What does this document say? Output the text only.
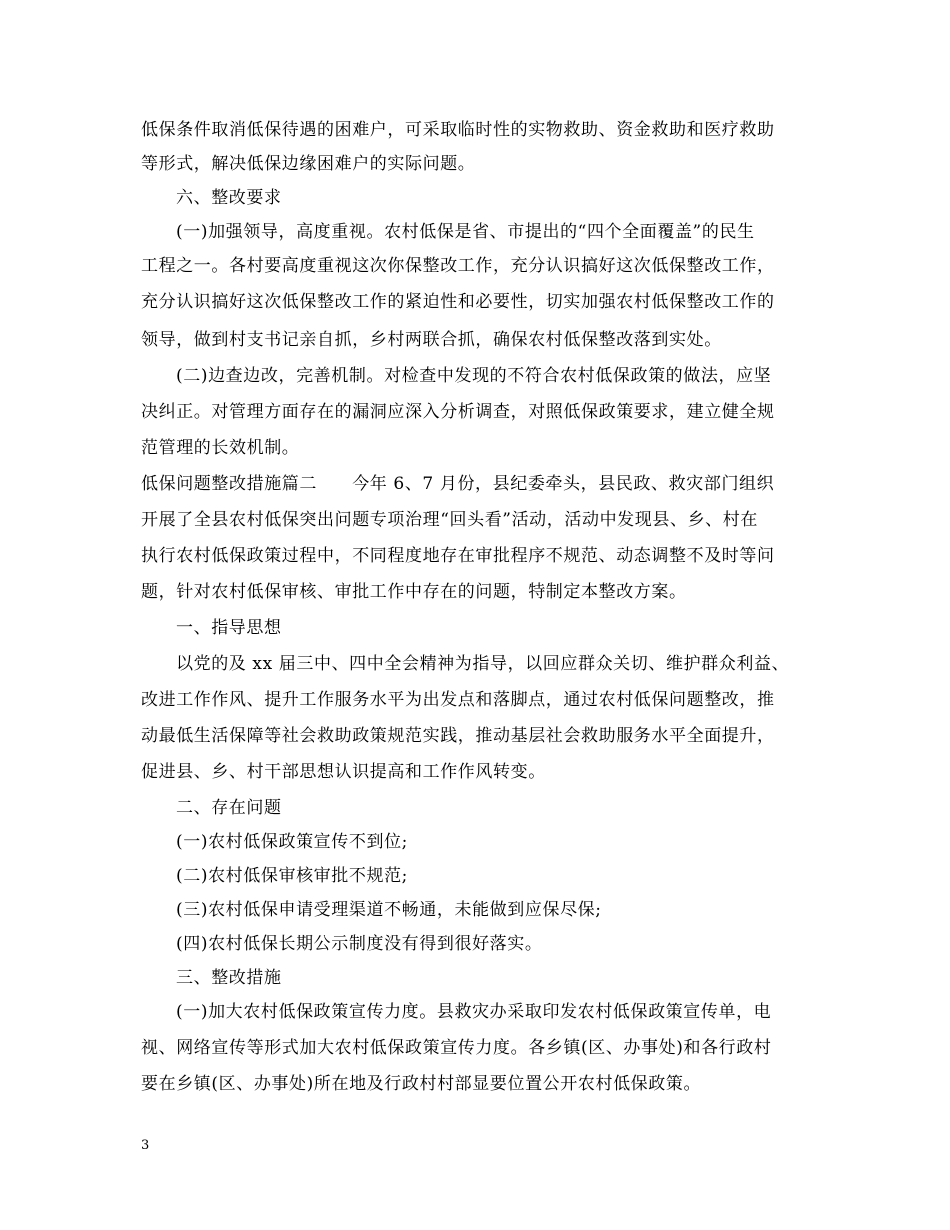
低保条件取消低保待遇的困难户，可采取临时性的实物救助、资金救助和医疗救助
等形式，解决低保边缘困难户的实际问题。
六、整改要求
(一)加强领导，高度重视。农村低保是省、市提出的“四个全面覆盖”的民生
工程之一。各村要高度重视这次你保整改工作，充分认识搞好这次低保整改工作，
充分认识搞好这次低保整改工作的紧迫性和必要性，切实加强农村低保整改工作的
领导，做到村支书记亲自抓，乡村两联合抓，确保农村低保整改落到实处。
(二)边查边改，完善机制。对检查中发现的不符合农村低保政策的做法，应坚
决纠正。对管理方面存在的漏洞应深入分析调查，对照低保政策要求，建立健全规
范管理的长效机制。
低保问题整改措施篇二　　今年 6、7 月份，县纪委牵头，县民政、救灾部门组织
开展了全县农村低保突出问题专项治理“回头看”活动，活动中发现县、乡、村在
执行农村低保政策过程中，不同程度地存在审批程序不规范、动态调整不及时等问
题，针对农村低保审核、审批工作中存在的问题，特制定本整改方案。
一、指导思想
以党的及 xx 届三中、四中全会精神为指导，以回应群众关切、维护群众利益、
改进工作作风、提升工作服务水平为出发点和落脚点，通过农村低保问题整改，推
动最低生活保障等社会救助政策规范实践，推动基层社会救助服务水平全面提升，
促进县、乡、村干部思想认识提高和工作作风转变。
二、存在问题
(一)农村低保政策宣传不到位;
(二)农村低保审核审批不规范;
(三)农村低保申请受理渠道不畅通，未能做到应保尽保;
(四)农村低保长期公示制度没有得到很好落实。
三、整改措施
(一)加大农村低保政策宣传力度。县救灾办采取印发农村低保政策宣传单，电
视、网络宣传等形式加大农村低保政策宣传力度。各乡镇(区、办事处)和各行政村
要在乡镇(区、办事处)所在地及行政村村部显要位置公开农村低保政策。
3
